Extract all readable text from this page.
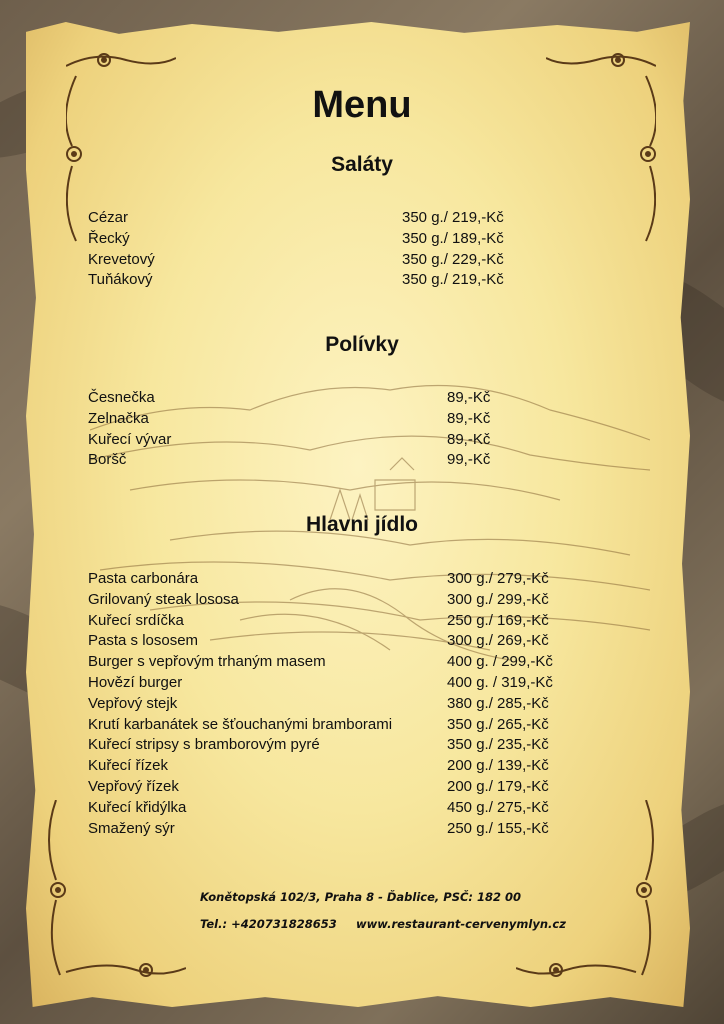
Menu
Saláty
Cézar	350 g./ 219,-Kč
Řecký	350 g./ 189,-Kč
Krevetový	350 g./ 229,-Kč
Tuňákový	350 g./ 219,-Kč
Polívky
Česnečka	89,-Kč
Zelnačka	89,-Kč
Kuřecí vývar	89,-Kč
Boršč	99,-Kč
Hlavni jídlo
Pasta carbonára	300 g./ 279,-Kč
Grilovaný steak lososa	300 g./ 299,-Kč
Kuřecí srdíčka	250 g./ 169,-Kč
Pasta s lososem	300 g./ 269,-Kč
Burger s vepřovým trhaným masem	400 g. / 299,-Kč
Hovězí burger	400 g. / 319,-Kč
Vepřový stejk	380 g./ 285,-Kč
Krutí karbanátek se šťouchanými bramborami	350 g./ 265,-Kč
Kuřecí stripsy s bramborovým pyré	350 g./ 235,-Kč
Kuřecí řízek	200 g./ 139,-Kč
Vepřový řízek	200 g./ 179,-Kč
Kuřecí křidýlka	450 g./ 275,-Kč
Smažený sýr	250 g./ 155,-Kč
Konětopská 102/3, Praha 8 - Ďablice, PSČ: 182 00
Tel.: +420731828653 www.restaurant-cervenymlyn.cz
